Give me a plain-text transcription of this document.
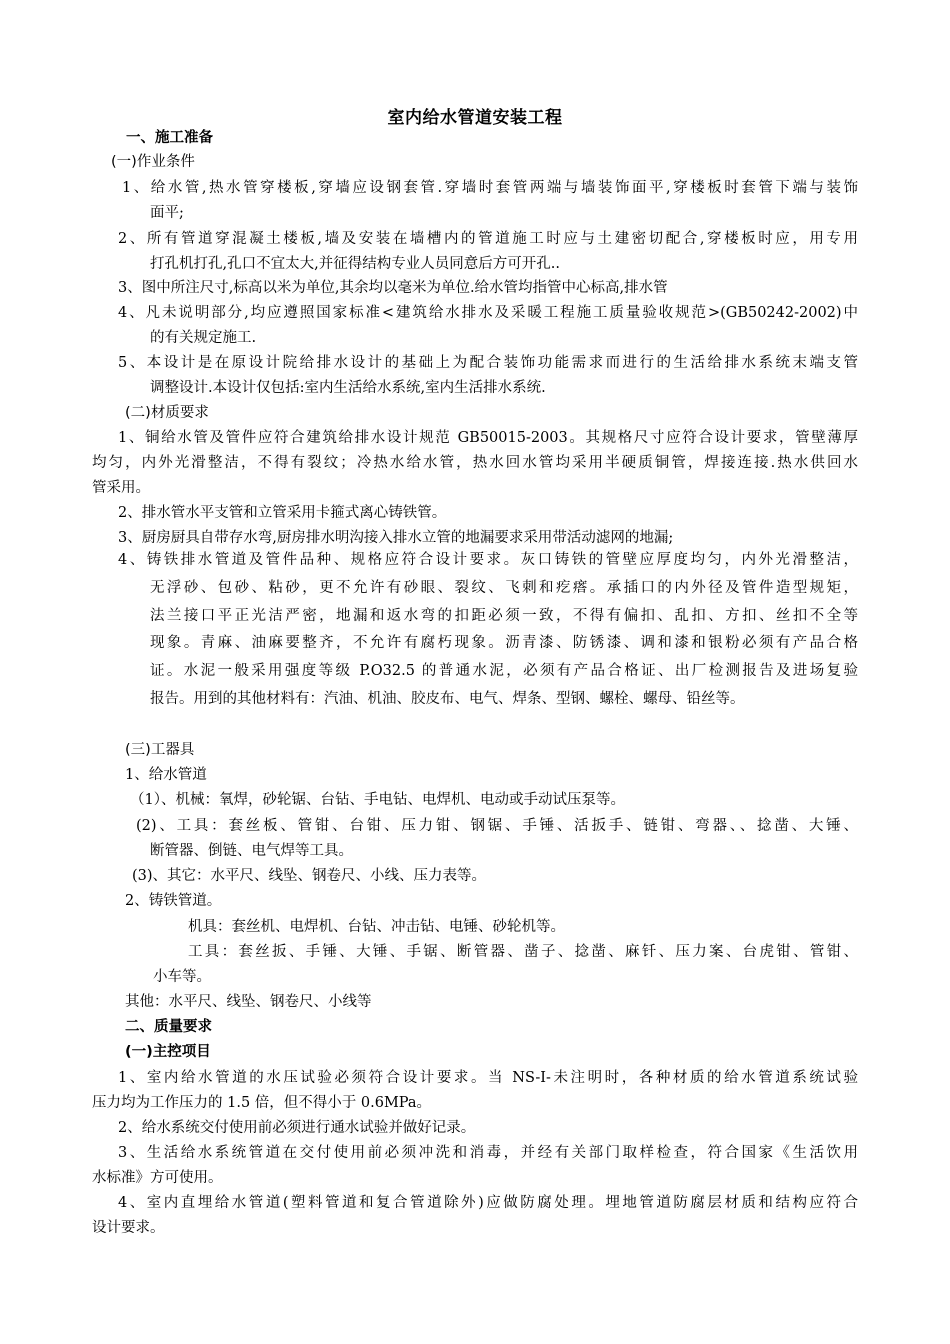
室内给水管道安装工程
一、施工准备
(一)作业条件
1、给水管,热水管穿楼板,穿墙应设钢套管.穿墙时套管两端与墙装饰面平,穿楼板时套管下端与装饰
面平;
2、所有管道穿混凝土楼板,墙及安装在墙槽内的管道施工时应与土建密切配合,穿楼板时应，用专用
打孔机打孔,孔口不宜太大,并征得结构专业人员同意后方可开孔..
3、图中所注尺寸,标高以米为单位,其余均以毫米为单位.给水管均指管中心标高,排水管
4、凡未说明部分,均应遵照国家标准<建筑给水排水及采暖工程施工质量验收规范>(GB50242-2002)中
的有关规定施工.
5、本设计是在原设计院给排水设计的基础上为配合装饰功能需求而进行的生活给排水系统末端支管
调整设计.本设计仅包括:室内生活给水系统,室内生活排水系统.
(二)材质要求
1、铜给水管及管件应符合建筑给排水设计规范 GB50015-2003。其规格尺寸应符合设计要求，管壁薄厚
均匀，内外光滑整洁，不得有裂纹；冷热水给水管，热水回水管均采用半硬质铜管，焊接连接.热水供回水
管采用。
2、排水管水平支管和立管采用卡箍式离心铸铁管。
3、厨房厨具自带存水弯,厨房排水明沟接入排水立管的地漏要求采用带活动滤网的地漏;
4、铸铁排水管道及管件品种、规格应符合设计要求。灰口铸铁的管壁应厚度均匀，内外光滑整洁，
无浮砂、包砂、粘砂，更不允许有砂眼、裂纹、飞刺和疙瘩。承插口的内外径及管件造型规矩，
法兰接口平正光洁严密，地漏和返水弯的扣距必须一致，不得有偏扣、乱扣、方扣、丝扣不全等
现象。青麻、油麻要整齐，不允许有腐朽现象。沥青漆、防锈漆、调和漆和银粉必须有产品合格
证。水泥一般采用强度等级 P.O32.5 的普通水泥，必须有产品合格证、出厂检测报告及进场复验
报告。用到的其他材料有：汽油、机油、胶皮布、电气、焊条、型钢、螺栓、螺母、铅丝等。
(三)工器具
1、给水管道
（1）、机械：氧焊，砂轮锯、台钻、手电钻、电焊机、电动或手动试压泵等。
(2)、工具：套丝板、管钳、台钳、压力钳、钢锯、手锤、活扳手、链钳、弯器、、捻凿、大锤、
断管器、倒链、电气焊等工具。
(3)、其它：水平尺、线坠、钢卷尺、小线、压力表等。
2、铸铁管道。
机具：套丝机、电焊机、台钻、冲击钻、电锤、砂轮机等。
工具：套丝扳、手锤、大锤、手锯、断管器、凿子、捻凿、麻钎、压力案、台虎钳、管钳、
小车等。
其他：水平尺、线坠、钢卷尺、小线等
二、质量要求
(一)主控项目
1、室内给水管道的水压试验必须符合设计要求。当 NS-I-未注明时，各种材质的给水管道系统试验
压力均为工作压力的 1.5 倍，但不得小于 0.6MPa。
2、给水系统交付使用前必须进行通水试验并做好记录。
3、生活给水系统管道在交付使用前必须冲洗和消毒，并经有关部门取样检查，符合国家《生活饮用
水标准》方可使用。
4、室内直埋给水管道(塑料管道和复合管道除外)应做防腐处理。埋地管道防腐层材质和结构应符合
设计要求。
